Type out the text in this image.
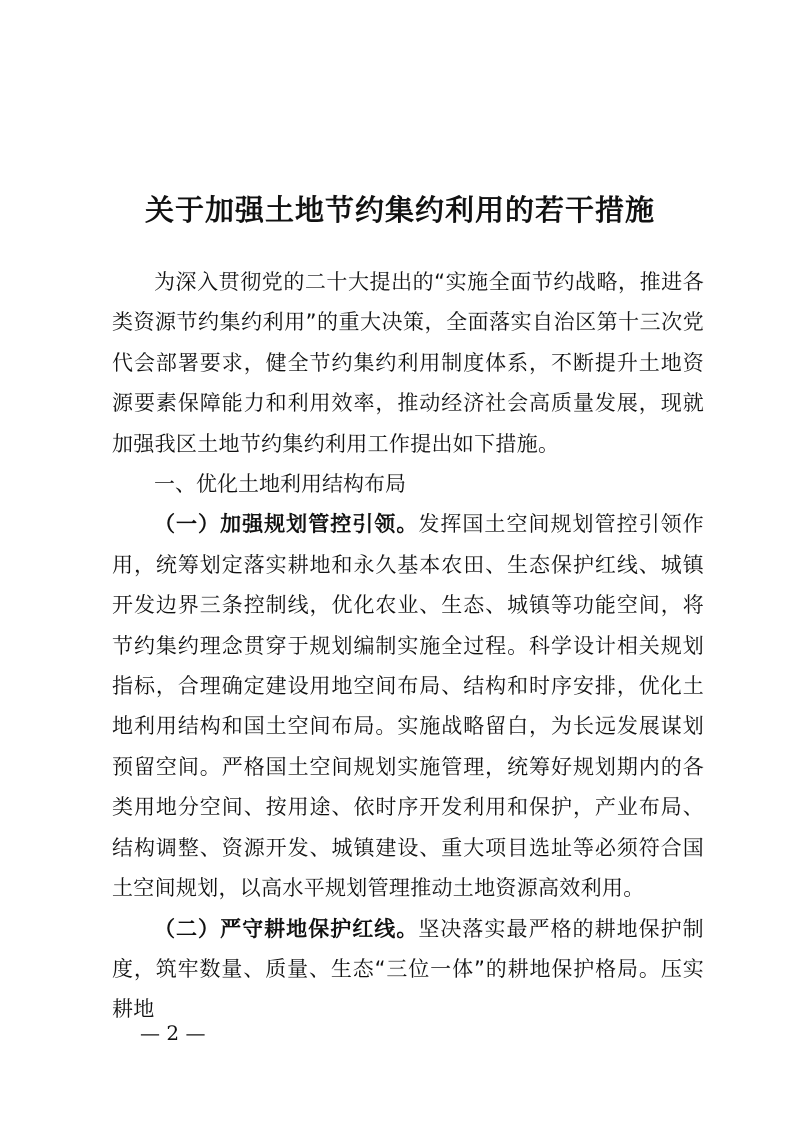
关于加强土地节约集约利用的若干措施

为深入贯彻党的二十大提出的“实施全面节约战略，推进各类资源节约集约利用”的重大决策，全面落实自治区第十三次党代会部署要求，健全节约集约利用制度体系，不断提升土地资源要素保障能力和利用效率，推动经济社会高质量发展，现就加强我区土地节约集约利用工作提出如下措施。

一、优化土地利用结构布局

（一）加强规划管控引领。发挥国土空间规划管控引领作用，统筹划定落实耕地和永久基本农田、生态保护红线、城镇开发边界三条控制线，优化农业、生态、城镇等功能空间，将节约集约理念贯穿于规划编制实施全过程。科学设计相关规划指标，合理确定建设用地空间布局、结构和时序安排，优化土地利用结构和国土空间布局。实施战略留白，为长远发展谋划预留空间。严格国土空间规划实施管理，统筹好规划期内的各类用地分空间、按用途、依时序开发利用和保护，产业布局、结构调整、资源开发、城镇建设、重大项目选址等必须符合国土空间规划，以高水平规划管理推动土地资源高效利用。

（二）严守耕地保护红线。坚决落实最严格的耕地保护制度，筑牢数量、质量、生态“三位一体”的耕地保护格局。压实耕地

— 2 —
